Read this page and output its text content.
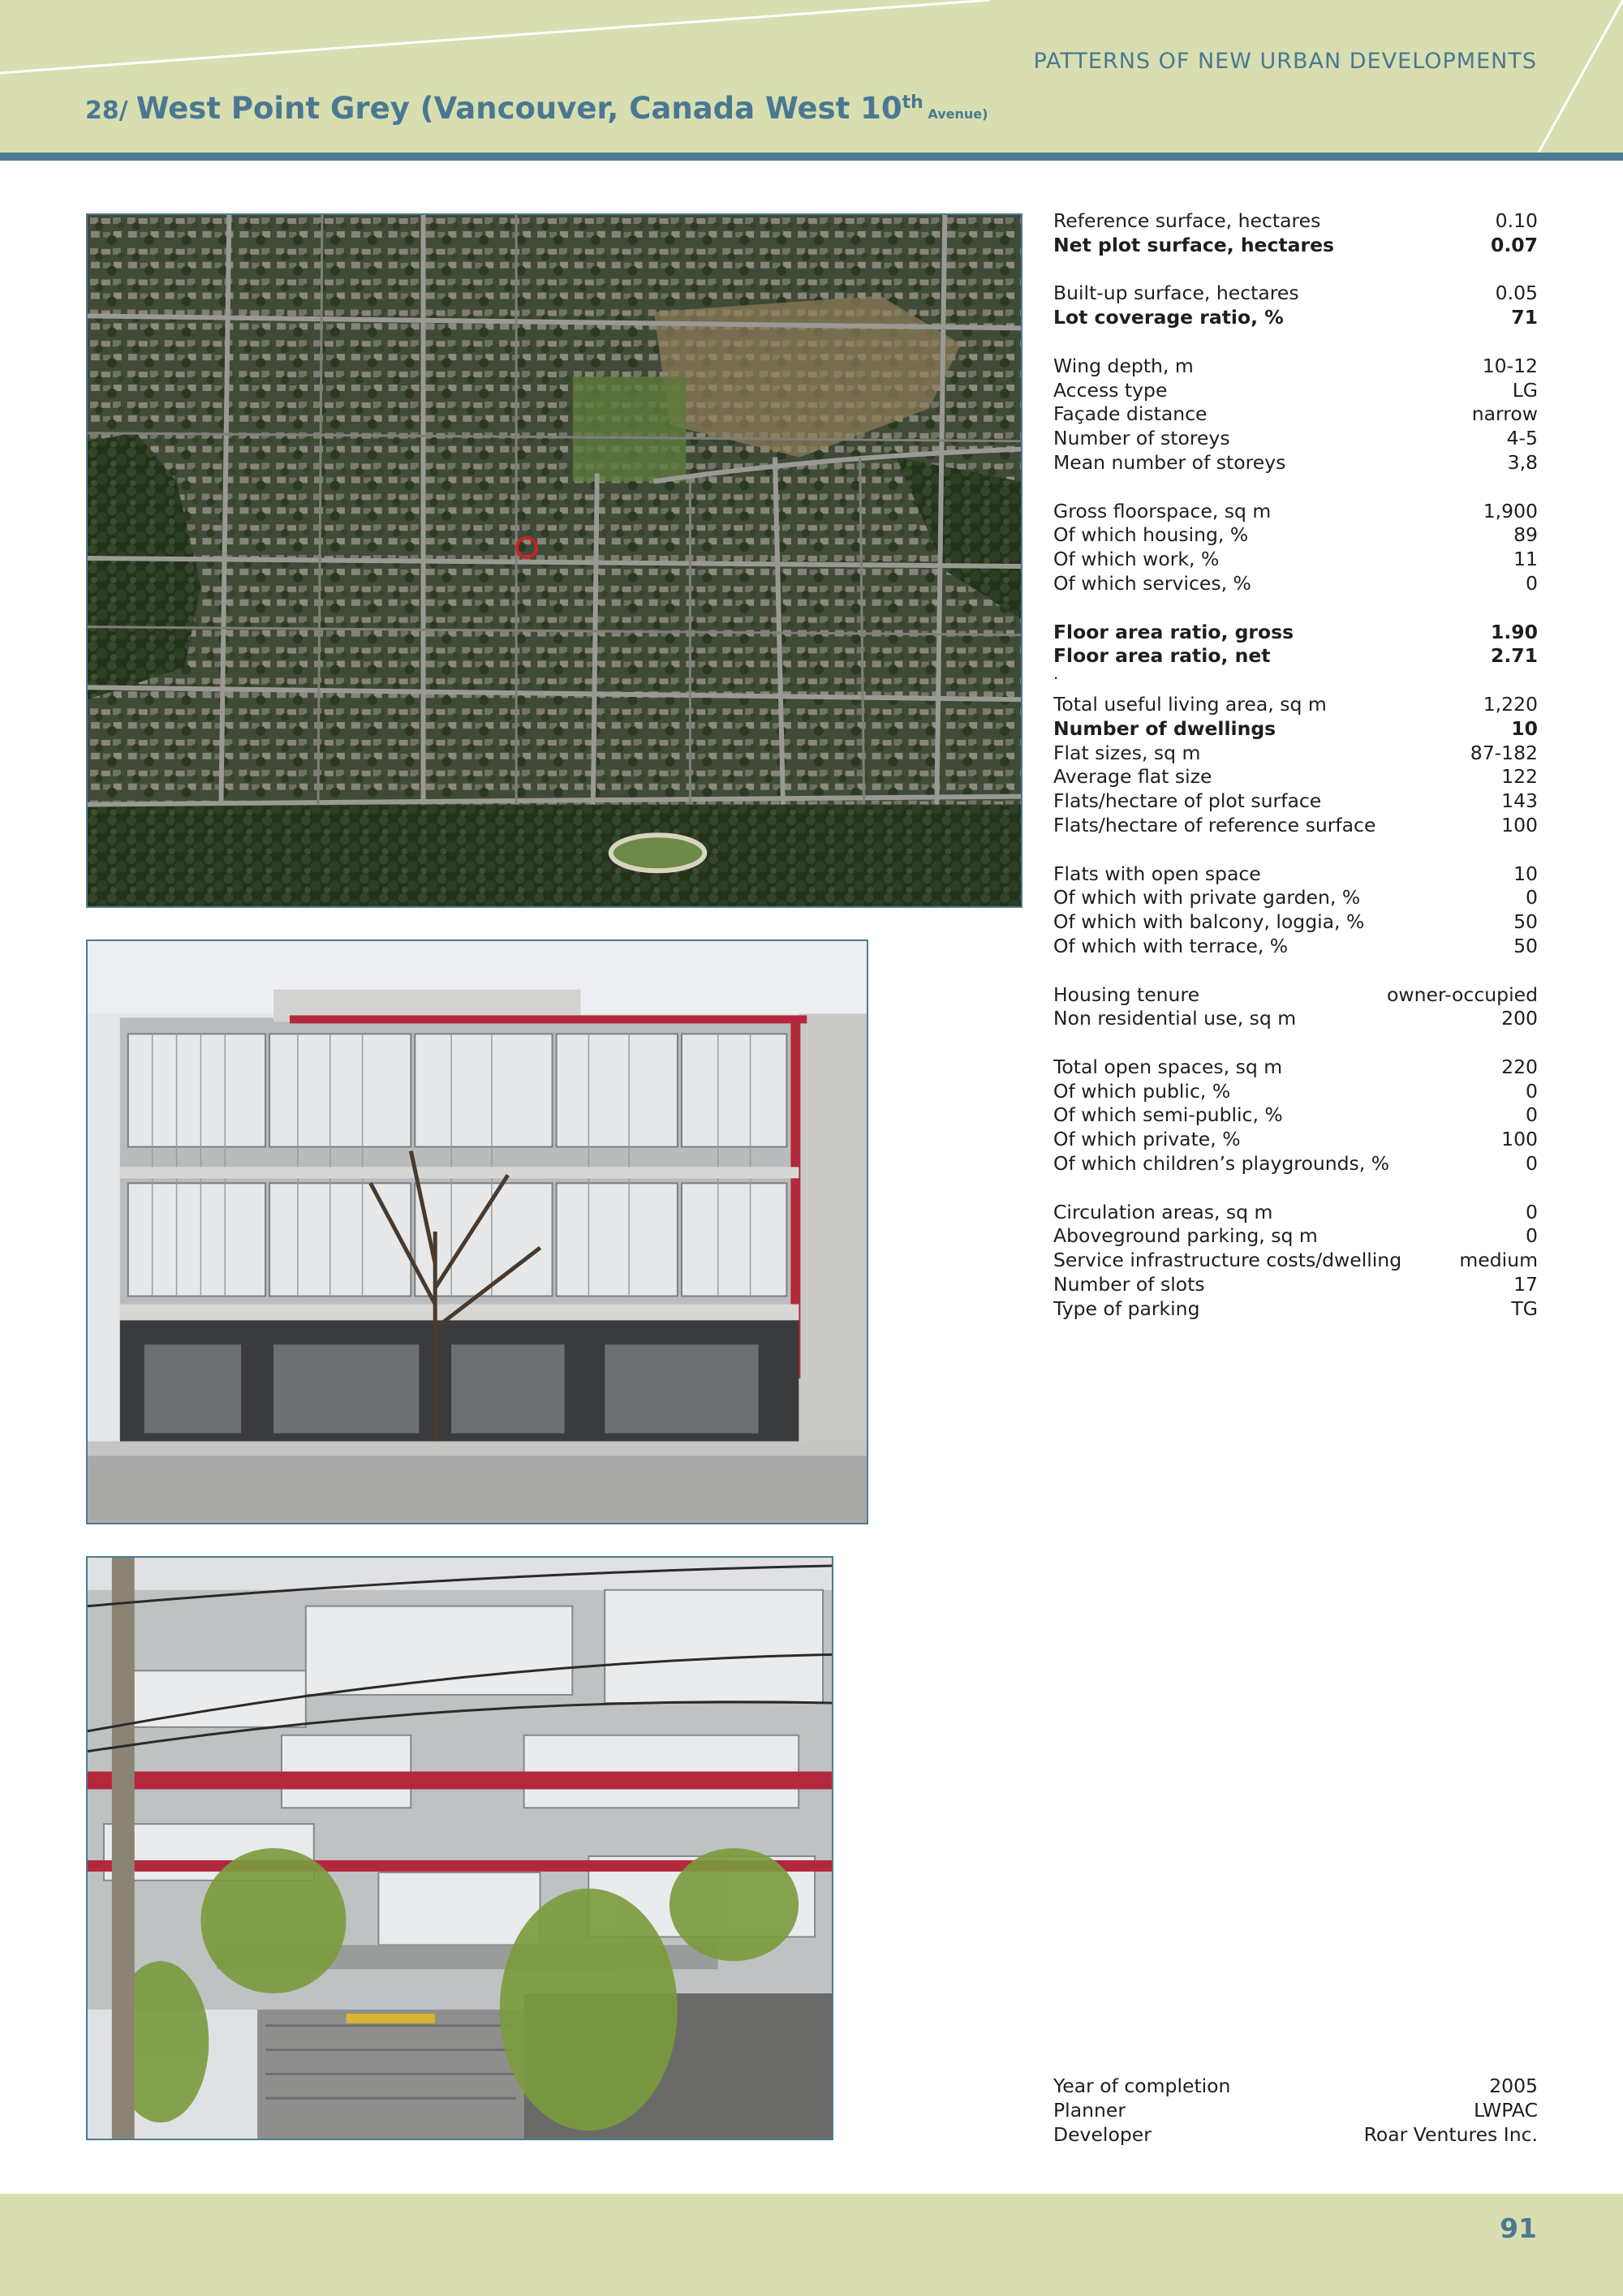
PATTERNS OF NEW URBAN DEVELOPMENTS
28/ West Point Grey (Vancouver, Canada West 10th Avenue)
Reference surface, hectares	0.10
Net plot surface, hectares	0.07
Built-up surface, hectares	0.05
Lot coverage ratio, %	71
Wing depth, m	10-12
Access type	LG
Façade distance	narrow
Number of storeys	4-5
Mean number of storeys	3,8
Gross floorspace, sq m	1,900
Of which housing, %	89
Of which work, %	11
Of which services, %	0
Floor area ratio, gross	1.90
Floor area ratio, net	2.71
.
Total useful living area, sq m	1,220
Number of dwellings	10
Flat sizes, sq m	87-182
Average flat size	122
Flats/hectare of plot surface	143
Flats/hectare of reference surface	100
Flats with open space	10
Of which with private garden, %	0
Of which with balcony, loggia, %	50
Of which with terrace, %	50
Housing tenure	owner-occupied
Non residential use, sq m	200
Total open spaces, sq m	220
Of which public, %	0
Of which semi-public, %	0
Of which private, %	100
Of which children’s playgrounds, %	0
Circulation areas, sq m	0
Aboveground parking, sq m	0
Service infrastructure costs/dwelling	medium
Number of slots	17
Type of parking	TG
Year of completion	2005
Planner	LWPAC
Developer	Roar Ventures Inc.
91
